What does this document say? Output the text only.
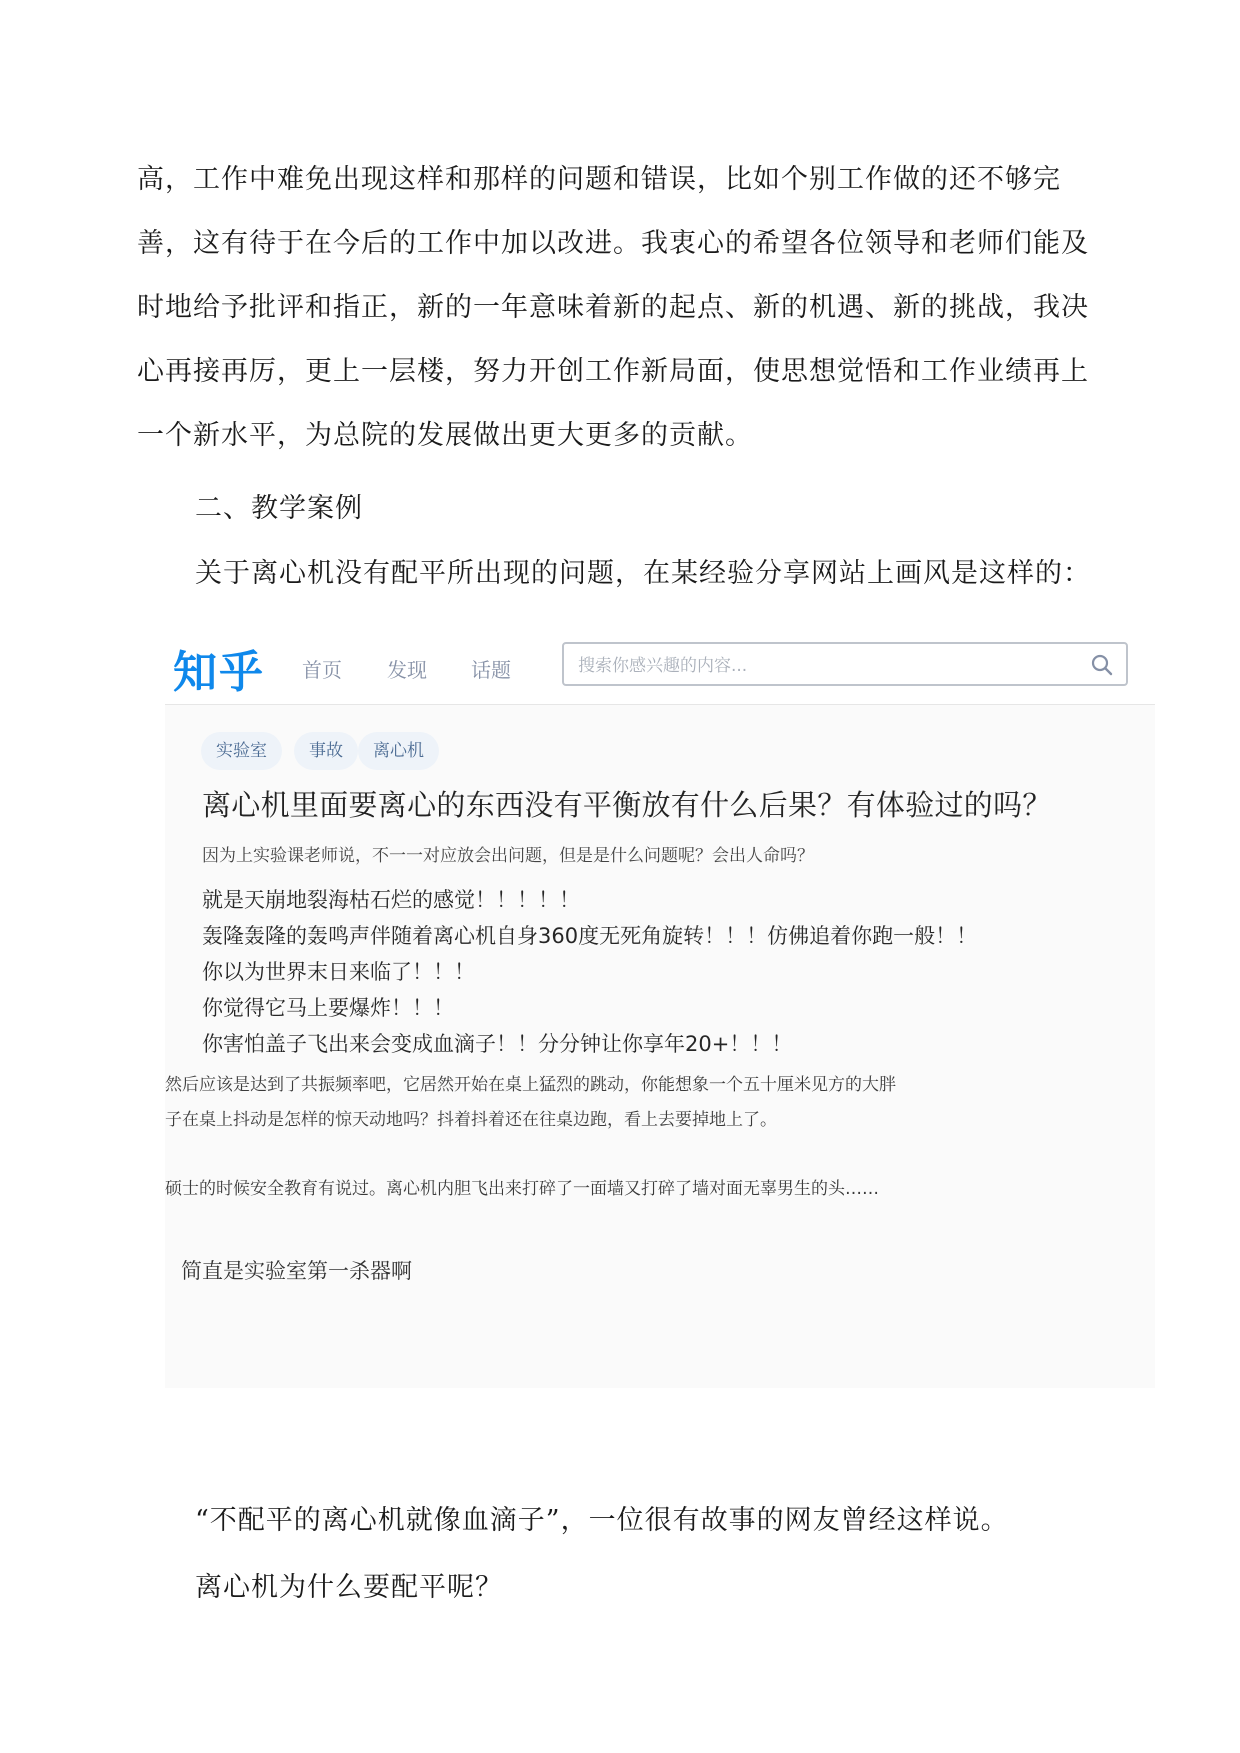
高，工作中难免出现这样和那样的问题和错误，比如个别工作做的还不够完善，这有待于在今后的工作中加以改进。我衷心的希望各位领导和老师们能及时地给予批评和指正，新的一年意味着新的起点、新的机遇、新的挑战，我决心再接再厉，更上一层楼，努力开创工作新局面，使思想觉悟和工作业绩再上一个新水平，为总院的发展做出更大更多的贡献。

二、教学案例

关于离心机没有配平所出现的问题，在某经验分享网站上画风是这样的：

知乎 首页 发现 话题
搜索你感兴趣的内容...
实验室	事故	离心机
离心机里面要离心的东西没有平衡放有什么后果？有体验过的吗？
因为上实验课老师说，不一一对应放会出问题，但是是什么问题呢？会出人命吗？
就是天崩地裂海枯石烂的感觉！！！！！
轰隆轰隆的轰鸣声伴随着离心机自身360度无死角旋转！！！仿佛追着你跑一般！！
你以为世界末日来临了！！！
你觉得它马上要爆炸！！！
你害怕盖子飞出来会变成血滴子！！分分钟让你享年20+！！！
然后应该是达到了共振频率吧，它居然开始在桌上猛烈的跳动，你能想象一个五十厘米见方的大胖
子在桌上抖动是怎样的惊天动地吗？抖着抖着还在往桌边跑，看上去要掉地上了。
硕士的时候安全教育有说过。离心机内胆飞出来打碎了一面墙又打碎了墙对面无辜男生的头……
简直是实验室第一杀器啊

“不配平的离心机就像血滴子”，一位很有故事的网友曾经这样说。

离心机为什么要配平呢？
